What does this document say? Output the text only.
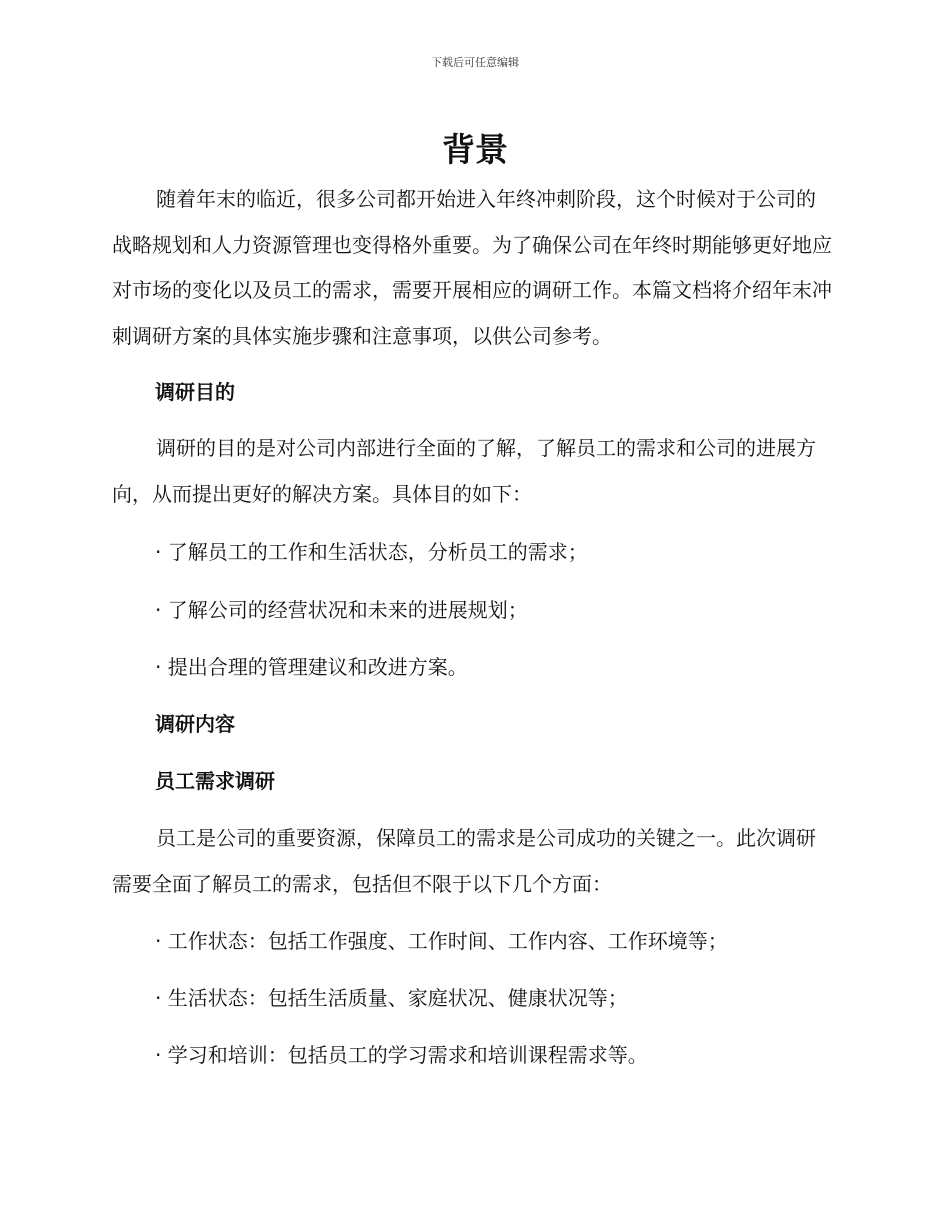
下载后可任意编辑
背景

随着年末的临近，很多公司都开始进入年终冲刺阶段，这个时候对于公司的战略规划和人力资源管理也变得格外重要。为了确保公司在年终时期能够更好地应对市场的变化以及员工的需求，需要开展相应的调研工作。本篇文档将介绍年末冲刺调研方案的具体实施步骤和注意事项，以供公司参考。

调研目的

调研的目的是对公司内部进行全面的了解，了解员工的需求和公司的进展方向，从而提出更好的解决方案。具体目的如下：

· 了解员工的工作和生活状态，分析员工的需求；

· 了解公司的经营状况和未来的进展规划；

· 提出合理的管理建议和改进方案。

调研内容

员工需求调研

员工是公司的重要资源，保障员工的需求是公司成功的关键之一。此次调研需要全面了解员工的需求，包括但不限于以下几个方面：

· 工作状态：包括工作强度、工作时间、工作内容、工作环境等；

· 生活状态：包括生活质量、家庭状况、健康状况等；

· 学习和培训：包括员工的学习需求和培训课程需求等。
